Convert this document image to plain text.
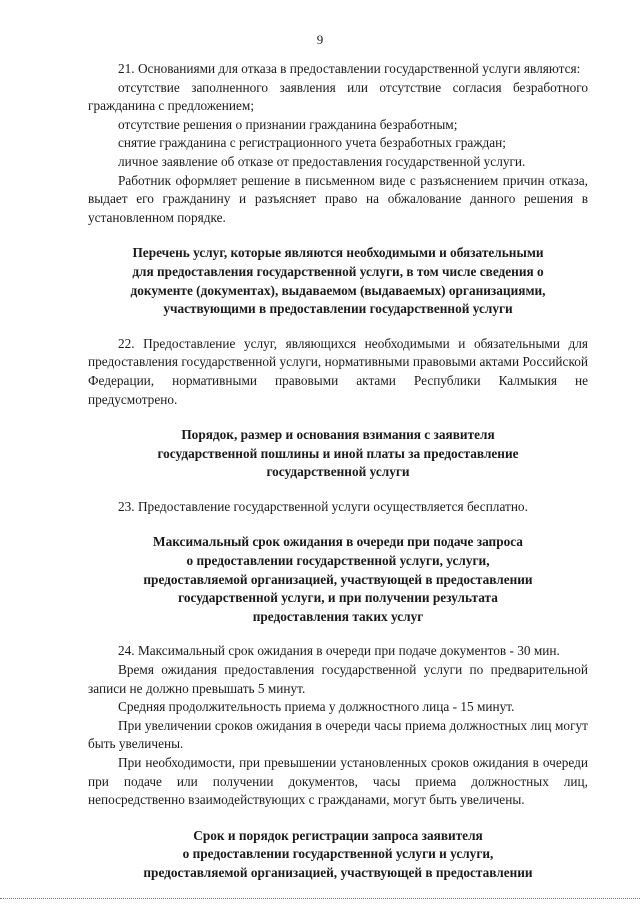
9

21. Основаниями для отказа в предоставлении государственной услуги являются:

отсутствие заполненного заявления или отсутствие согласия безработного гражданина с предложением;

отсутствие решения о признании гражданина безработным;

снятие гражданина с регистрационного учета безработных граждан;

личное заявление об отказе от предоставления государственной услуги.

Работник оформляет решение в письменном виде с разъяснением причин отказа, выдает его гражданину и разъясняет право на обжалование данного решения в установленном порядке.

Перечень услуг, которые являются необходимыми и обязательными
для предоставления государственной услуги, в том числе сведения о
документе (документах), выдаваемом (выдаваемых) организациями,
участвующими в предоставлении государственной услуги

22. Предоставление услуг, являющихся необходимыми и обязательными для предоставления государственной услуги, нормативными правовыми актами Российской Федерации, нормативными правовыми актами Республики Калмыкия не предусмотрено.

Порядок, размер и основания взимания с заявителя
государственной пошлины и иной платы за предоставление
государственной услуги

23. Предоставление государственной услуги осуществляется бесплатно.

Максимальный срок ожидания в очереди при подаче запроса
о предоставлении государственной услуги, услуги,
предоставляемой организацией, участвующей в предоставлении
государственной услуги, и при получении результата
предоставления таких услуг

24. Максимальный срок ожидания в очереди при подаче документов - 30 мин.

Время ожидания предоставления государственной услуги по предварительной записи не должно превышать 5 минут.

Средняя продолжительность приема у должностного лица - 15 минут.

При увеличении сроков ожидания в очереди часы приема должностных лиц могут быть увеличены.

При необходимости, при превышении установленных сроков ожидания в очереди при подаче или получении документов, часы приема должностных лиц, непосредственно взаимодействующих с гражданами, могут быть увеличены.

Срок и порядок регистрации запроса заявителя
о предоставлении государственной услуги и услуги,
предоставляемой организацией, участвующей в предоставлении
